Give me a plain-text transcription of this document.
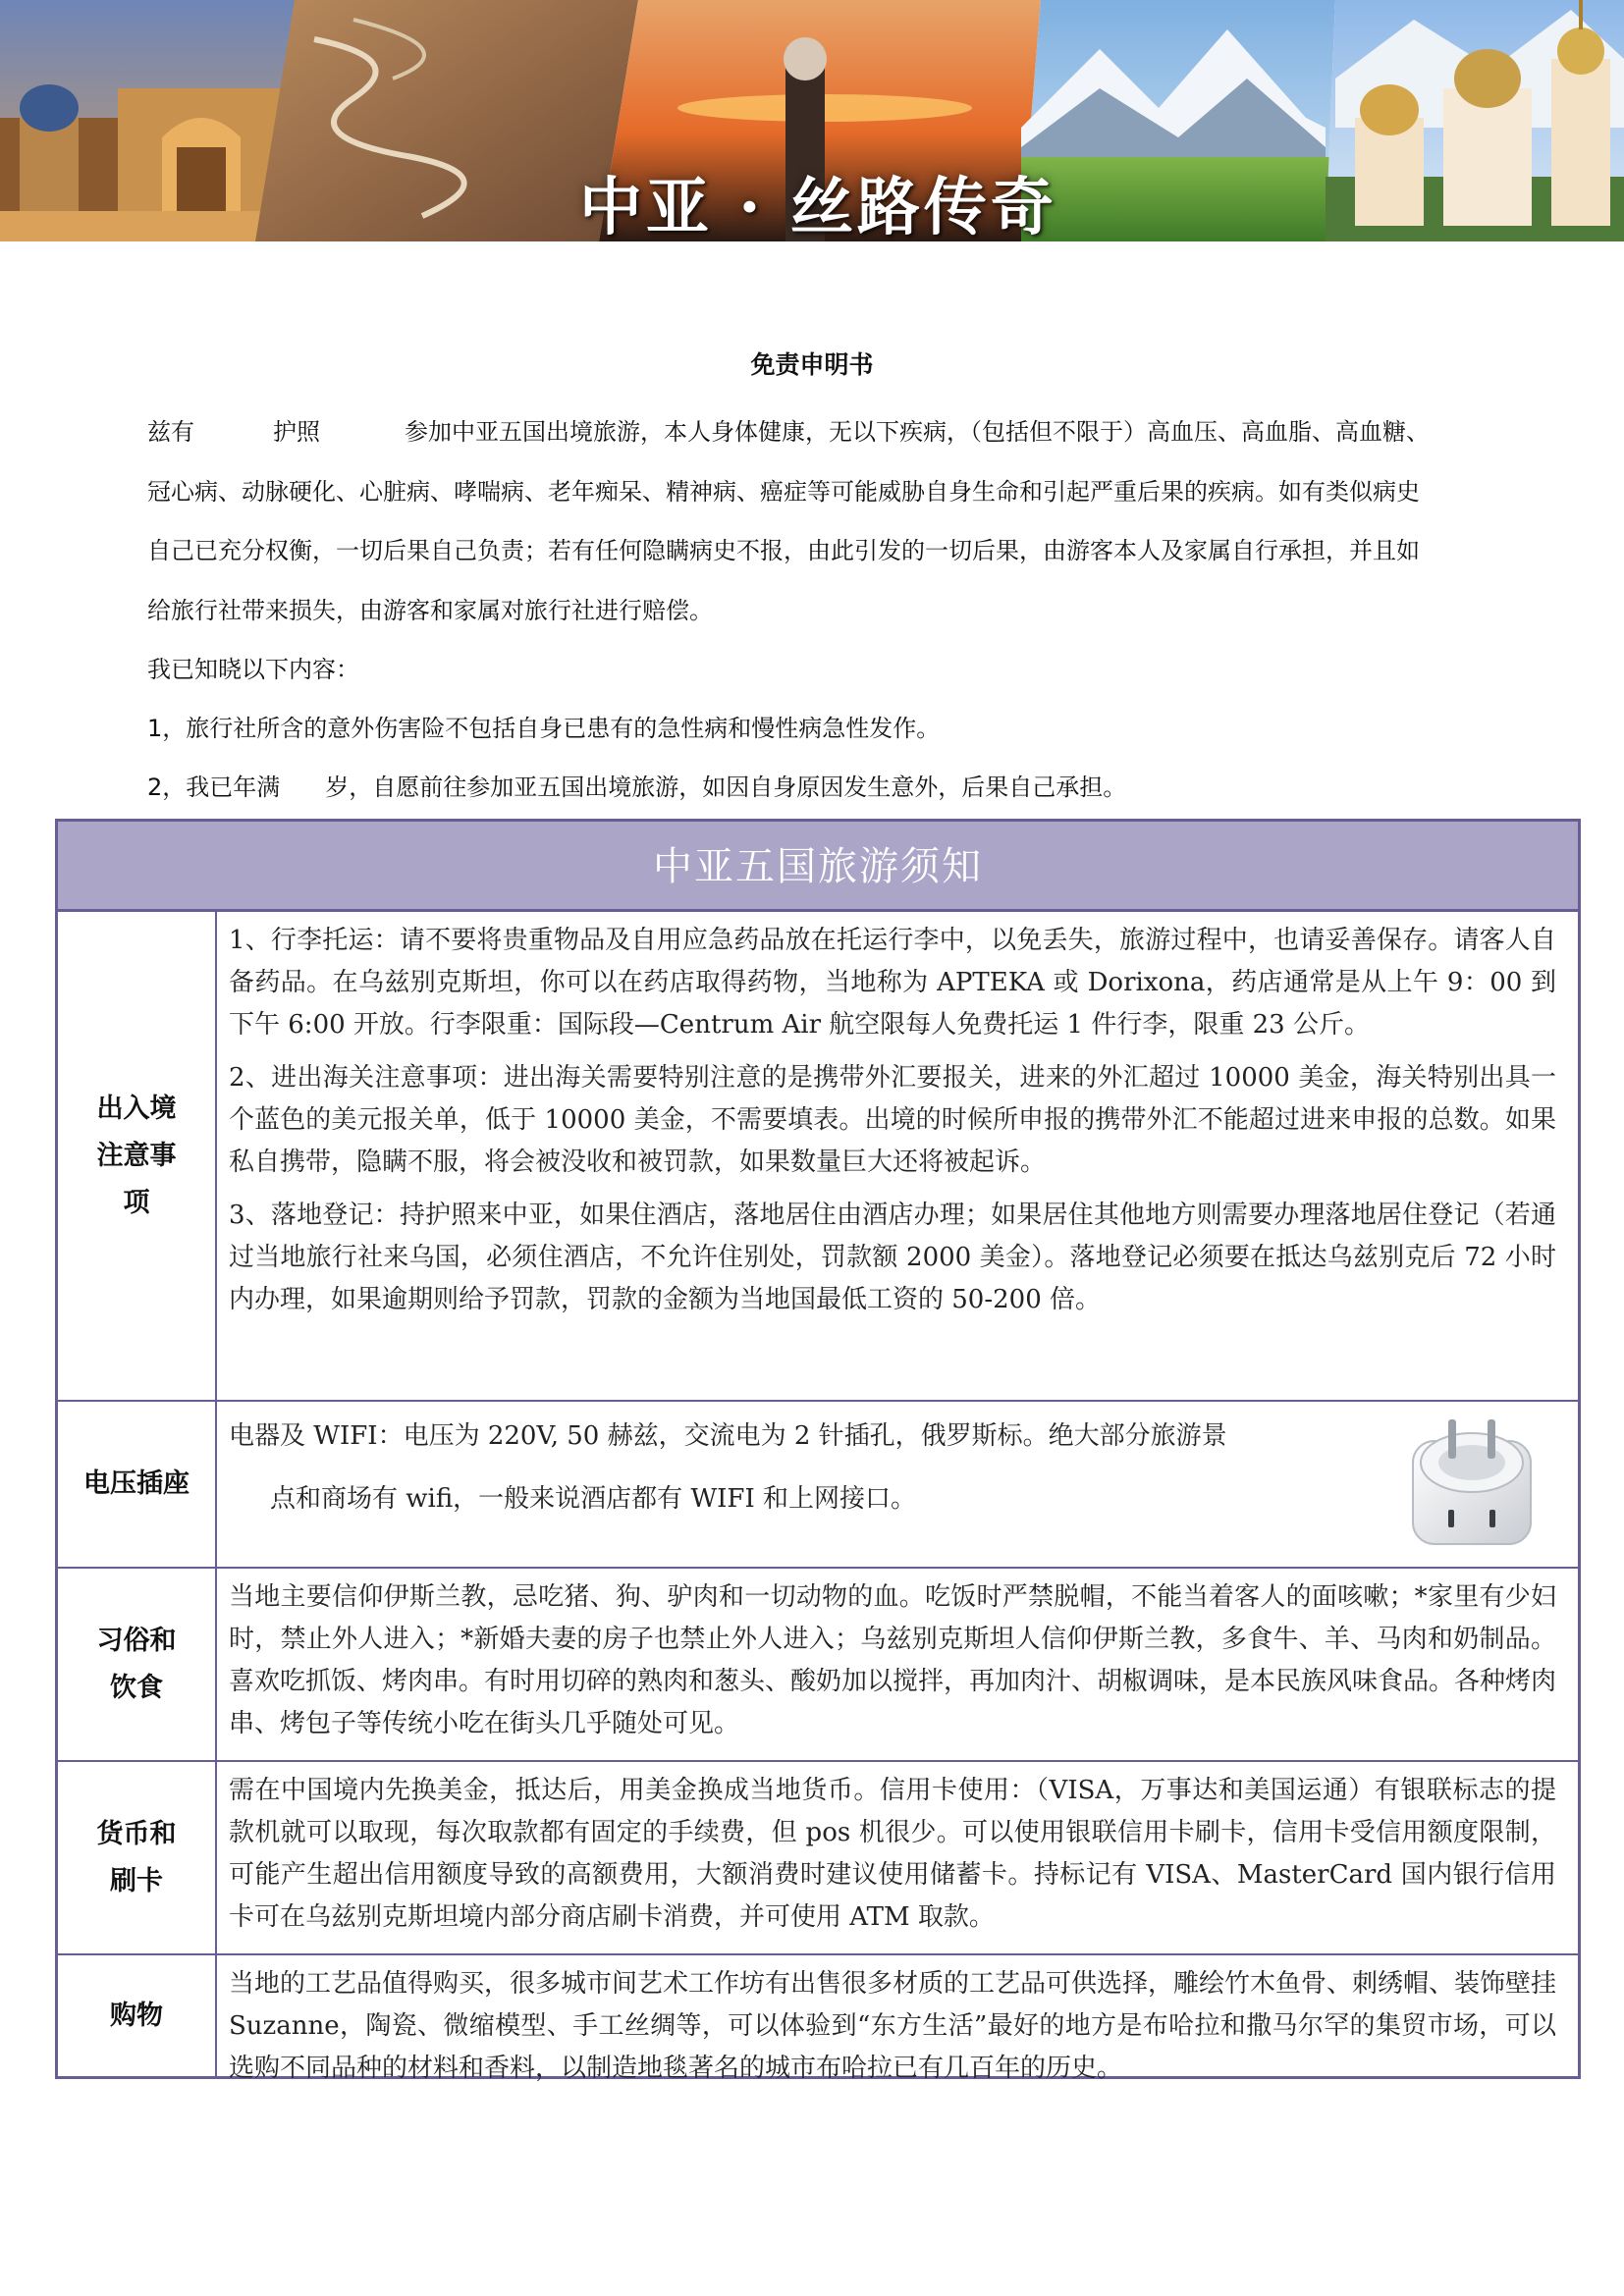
中亚 · 丝路传奇
免责申明书
兹有	护照	参加中亚五国出境旅游，本人身体健康，无以下疾病，（包括但不限于）高血压、高血脂、高血糖、
冠心病、动脉硬化、心脏病、哮喘病、老年痴呆、精神病、癌症等可能威胁自身生命和引起严重后果的疾病。如有类似病史
自己已充分权衡，一切后果自己负责；若有任何隐瞒病史不报，由此引发的一切后果，由游客本人及家属自行承担，并且如
给旅行社带来损失，由游客和家属对旅行社进行赔偿。
我已知晓以下内容：
1，旅行社所含的意外伤害险不包括自身已患有的急性病和慢性病急性发作。
2，我已年满 岁，自愿前往参加亚五国出境旅游，如因自身原因发生意外，后果自己承担。
中亚五国旅游须知
出入境注意事项

1、行李托运：请不要将贵重物品及自用应急药品放在托运行李中，以免丢失，旅游过程中，也请妥善保存。请客人自备药品。在乌兹别克斯坦，你可以在药店取得药物，当地称为 APTEKA 或 Dorixona，药店通常是从上午 9：00 到下午 6:00 开放。行李限重：国际段—Centrum Air 航空限每人免费托运 1 件行李，限重 23 公斤。

2、进出海关注意事项：进出海关需要特别注意的是携带外汇要报关，进来的外汇超过 10000 美金，海关特别出具一个蓝色的美元报关单，低于 10000 美金，不需要填表。出境的时候所申报的携带外汇不能超过进来申报的总数。如果私自携带，隐瞒不服，将会被没收和被罚款，如果数量巨大还将被起诉。

3、落地登记：持护照来中亚，如果住酒店，落地居住由酒店办理；如果居住其他地方则需要办理落地居住登记（若通过当地旅行社来乌国，必须住酒店，不允许住别处，罚款额 2000 美金）。落地登记必须要在抵达乌兹别克后 72 小时内办理，如果逾期则给予罚款，罚款的金额为当地国最低工资的 50-200 倍。

电压插座

电器及 WIFI：电压为 220V, 50 赫兹，交流电为 2 针插孔，俄罗斯标。绝大部分旅游景

点和商场有 wifi，一般来说酒店都有 WIFI 和上网接口。

习俗和饮食

当地主要信仰伊斯兰教，忌吃猪、狗、驴肉和一切动物的血。吃饭时严禁脱帽，不能当着客人的面咳嗽；*家里有少妇时，禁止外人进入；*新婚夫妻的房子也禁止外人进入；乌兹别克斯坦人信仰伊斯兰教，多食牛、羊、马肉和奶制品。喜欢吃抓饭、烤肉串。有时用切碎的熟肉和葱头、酸奶加以搅拌，再加肉汁、胡椒调味，是本民族风味食品。各种烤肉串、烤包子等传统小吃在街头几乎随处可见。

货币和刷卡

需在中国境内先换美金，抵达后，用美金换成当地货币。信用卡使用：（VISA，万事达和美国运通）有银联标志的提款机就可以取现，每次取款都有固定的手续费，但 pos 机很少。可以使用银联信用卡刷卡，信用卡受信用额度限制，可能产生超出信用额度导致的高额费用，大额消费时建议使用储蓄卡。持标记有 VISA、MasterCard 国内银行信用卡可在乌兹别克斯坦境内部分商店刷卡消费，并可使用 ATM 取款。

购物

当地的工艺品值得购买，很多城市间艺术工作坊有出售很多材质的工艺品可供选择，雕绘竹木鱼骨、刺绣帽、装饰壁挂 Suzanne，陶瓷、微缩模型、手工丝绸等，可以体验到“东方生活”最好的地方是布哈拉和撒马尔罕的集贸市场，可以选购不同品种的材料和香料，以制造地毯著名的城市布哈拉已有几百年的历史。
